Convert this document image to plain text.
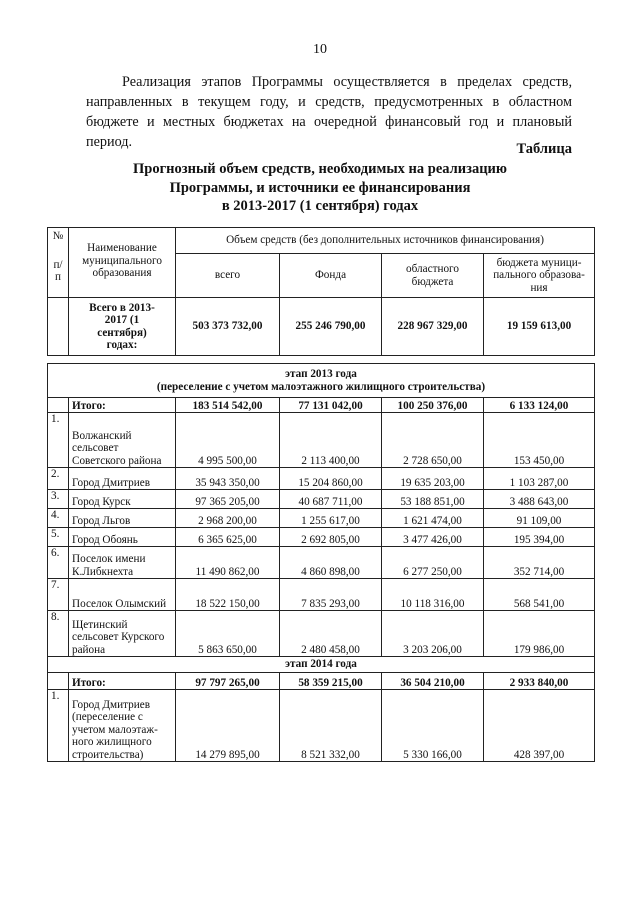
10
Реализация этапов Программы осуществляется в пределах средств, направленных в текущем году, и средств, предусмотренных в областном бюджете и местных бюджетах на очередной финансовый год и плановый период.	Таблица
Прогнозный объем средств, необходимых на реализацию
Программы, и источники ее финансирования
в 2013-2017 (1 сентября) годах
№
п/
п	Наименование муниципального образования	Объем средств (без дополнительных источников финансирования)			
		всего	Фонда	областного бюджета	бюджета муници-пального образова-ния
	Всего в 2013-2017 (1 сентября) годах:	503 373 732,00	255 246 790,00	228 967 329,00	19 159 613,00
этап 2013 года
(переселение с учетом малоэтажного жилищного строительства)					

	Итого:	183 514 542,00	77 131 042,00	100 250 376,00	6 133 124,00
1.	Волжанский сельсовет Советского района	4 995 500,00	2 113 400,00	2 728 650,00	153 450,00
2.	Город Дмитриев	35 943 350,00	15 204 860,00	19 635 203,00	1 103 287,00
3.	Город Курск	97 365 205,00	40 687 711,00	53 188 851,00	3 488 643,00
4.	Город Льгов	2 968 200,00	1 255 617,00	1 621 474,00	91 109,00
5.	Город Обоянь	6 365 625,00	2 692 805,00	3 477 426,00	195 394,00
6.	Поселок имени К.Либкнехта	11 490 862,00	4 860 898,00	6 277 250,00	352 714,00
7.	Поселок Олымский	18 522 150,00	7 835 293,00	10 118 316,00	568 541,00
8.	Щетинский сельсовет Курского района	5 863 650,00	2 480 458,00	3 203 206,00	179 986,00
этап 2014 года					
	Итого:	97 797 265,00	58 359 215,00	36 504 210,00	2 933 840,00
1.	Город Дмитриев (переселение с учетом малоэтаж-ного жилищного строительства)	14 279 895,00	8 521 332,00	5 330 166,00	428 397,00
